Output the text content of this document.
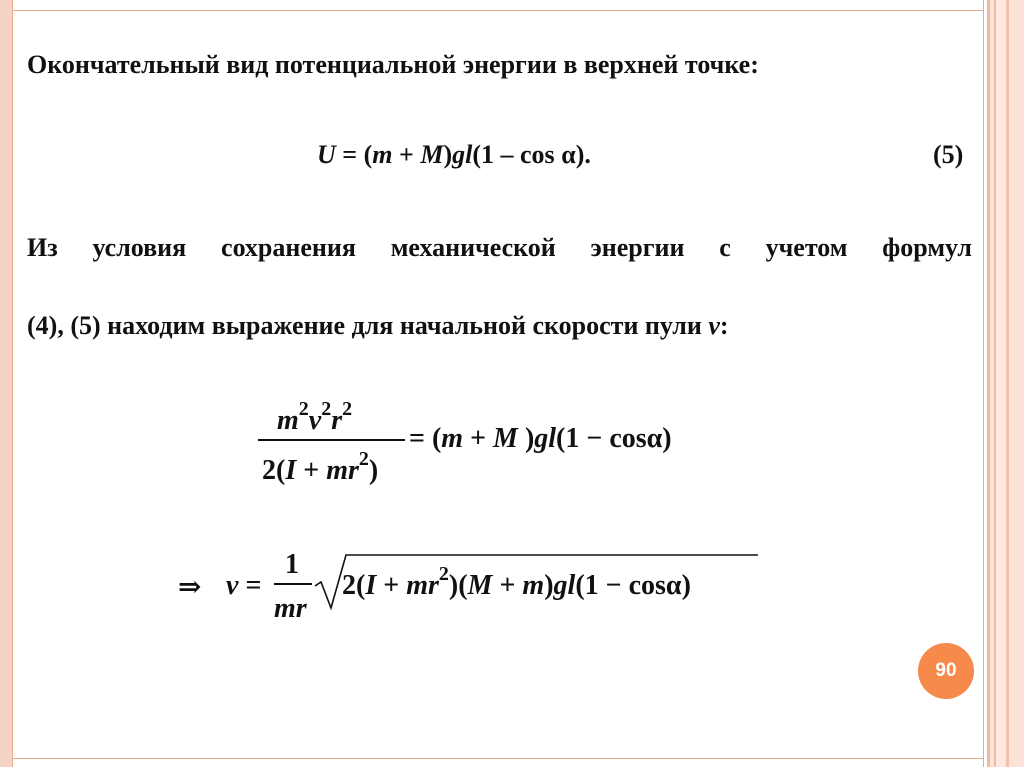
Окончательный вид потенциальной энергии в верхней точке:
U = (m + M)gl(1 – cos α).	(5)
Из условия сохранения механической энергии с учетом формул
(4), (5) находим выражение для начальной скорости пули v:
$m^2v^2r^2$
$2(I + mr^2)$
= (m + M )gl(1 − cosα)
⇒ v =
1
mr
$2(I + mr^2)(M + m)gl(1 - \cos\alpha)$
90
